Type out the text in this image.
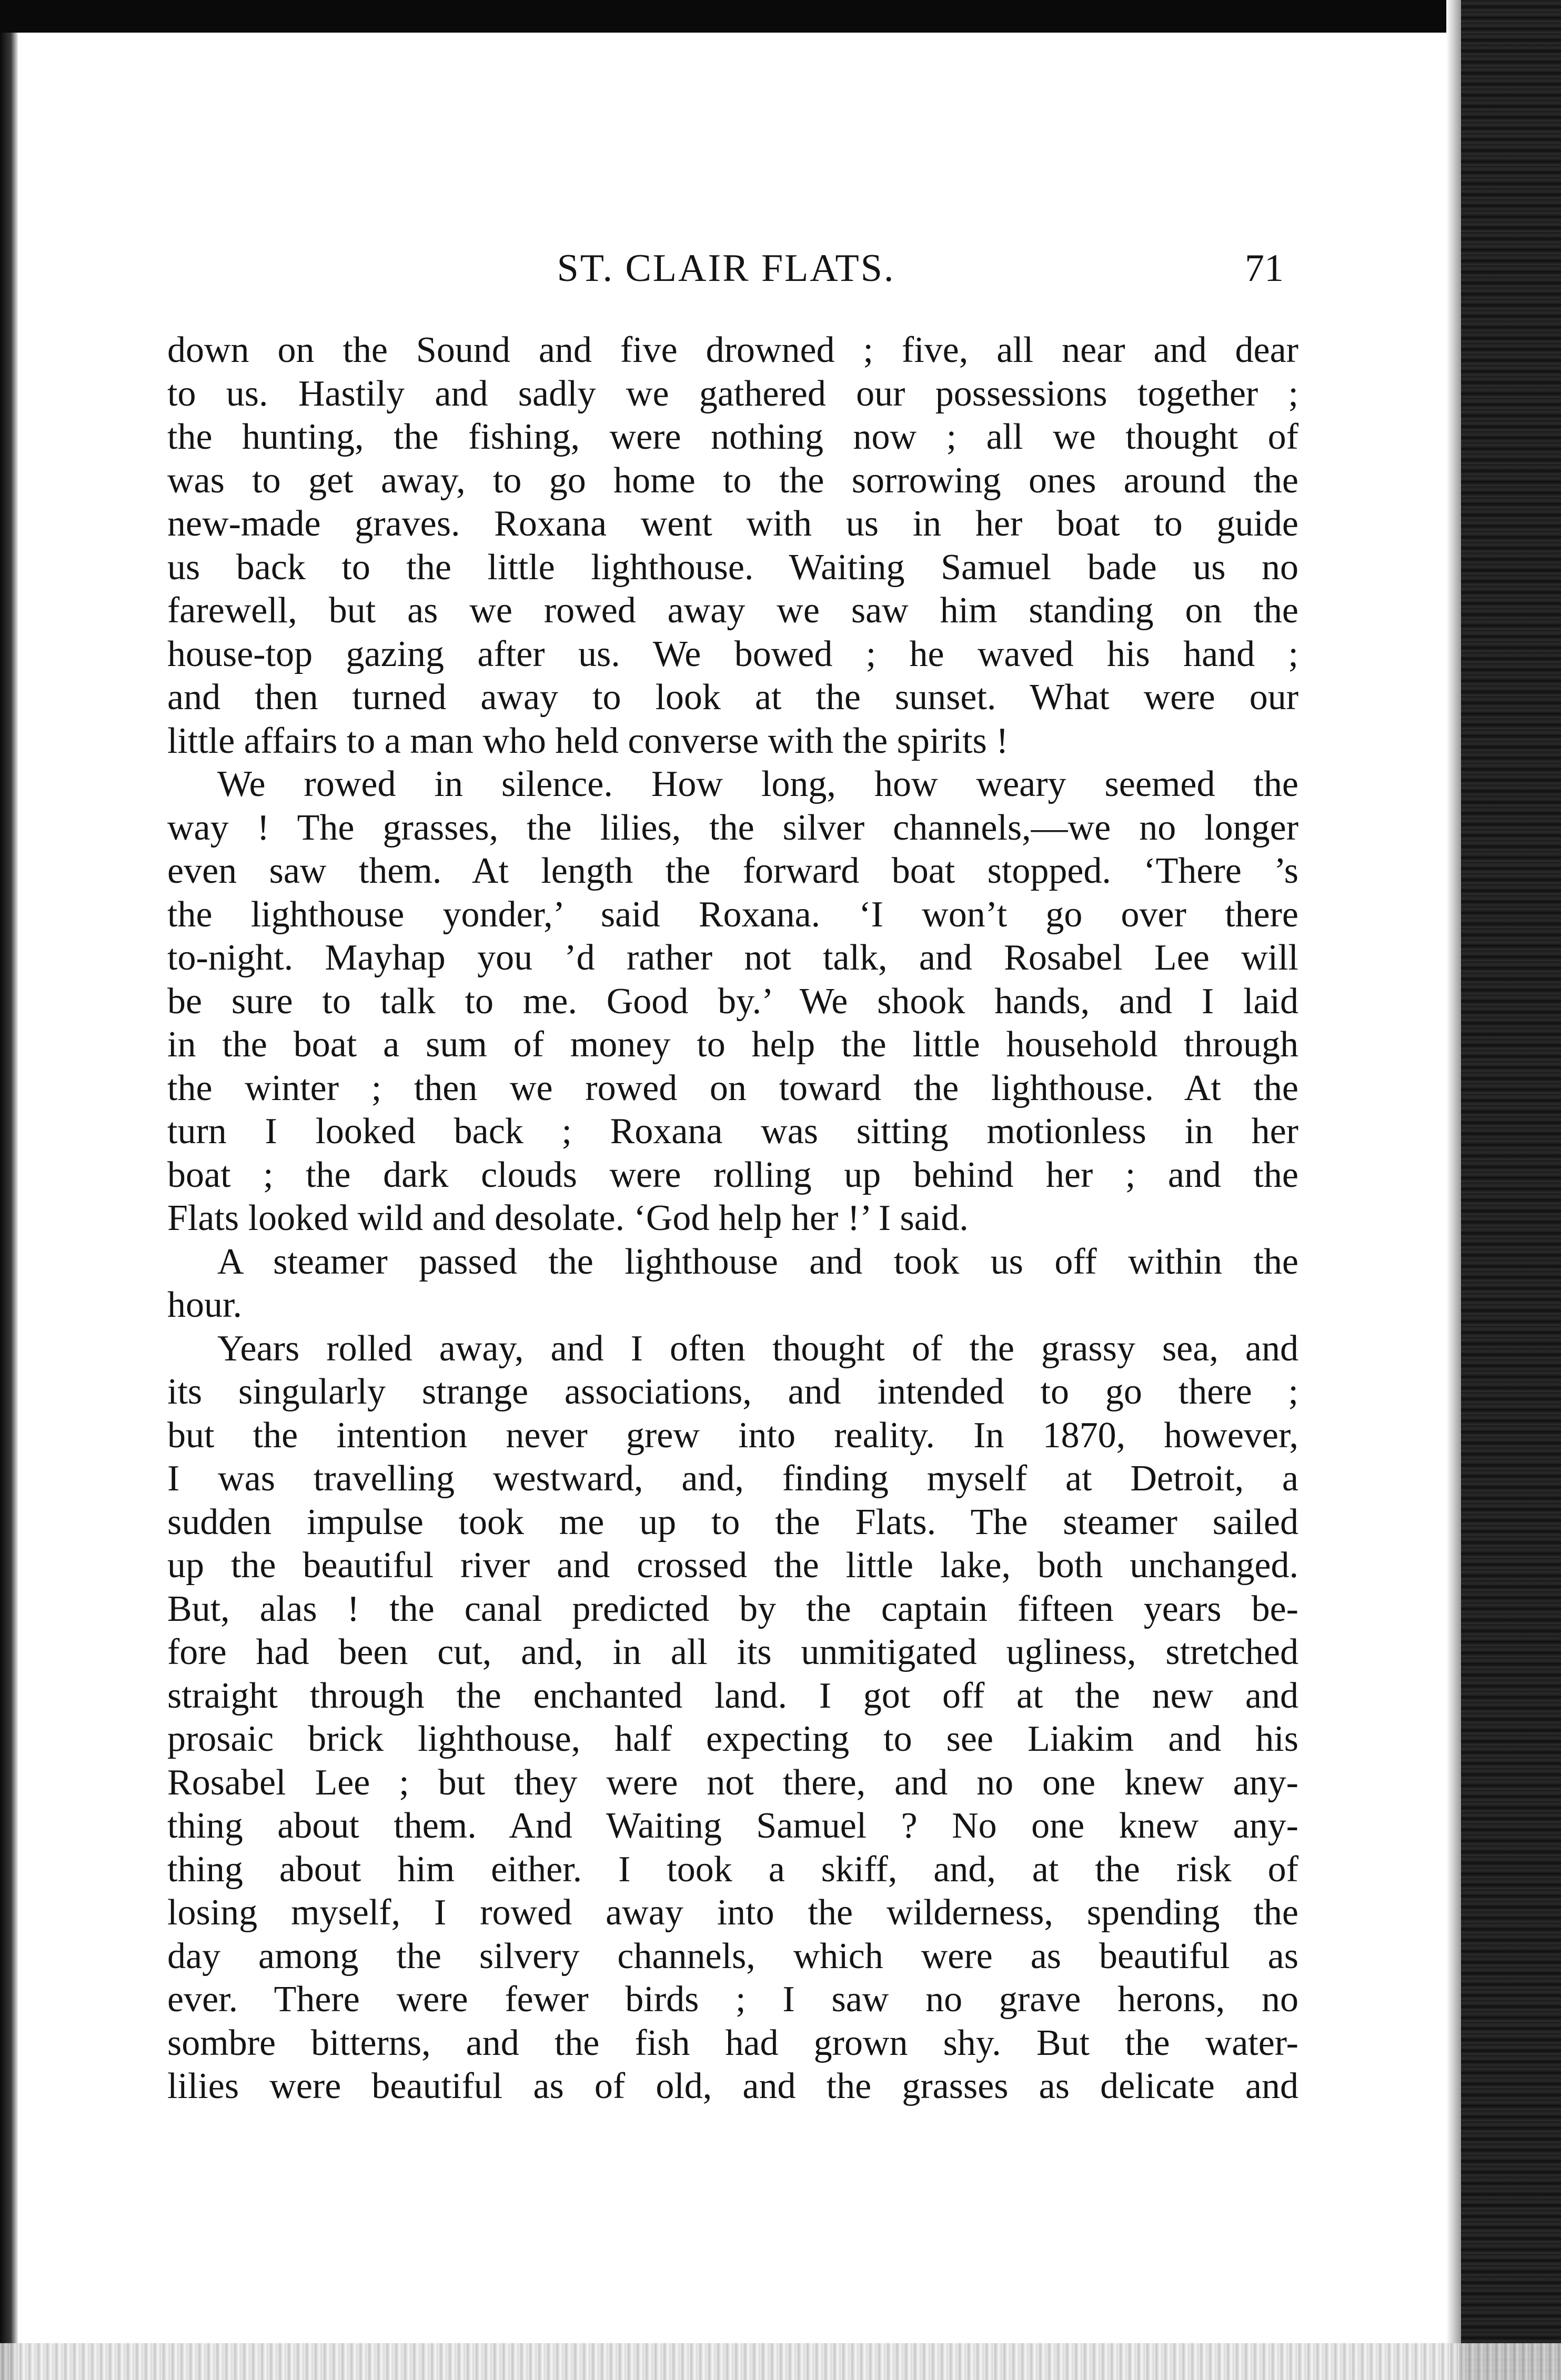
ST. CLAIR FLATS.	71
down on the Sound and five drowned ; five, all near and dear
to us. Hastily and sadly we gathered our possessions together ;
the hunting, the fishing, were nothing now ; all we thought of
was to get away, to go home to the sorrowing ones around the
new-made graves. Roxana went with us in her boat to guide
us back to the little lighthouse. Waiting Samuel bade us no
farewell, but as we rowed away we saw him standing on the
house-top gazing after us. We bowed ; he waved his hand ;
and then turned away to look at the sunset. What were our
little affairs to a man who held converse with the spirits !
We rowed in silence. How long, how weary seemed the
way ! The grasses, the lilies, the silver channels,—we no longer
even saw them. At length the forward boat stopped. ‘There ’s
the lighthouse yonder,’ said Roxana. ‘I won’t go over there
to-night. Mayhap you ’d rather not talk, and Rosabel Lee will
be sure to talk to me. Good by.’ We shook hands, and I laid
in the boat a sum of money to help the little household through
the winter ; then we rowed on toward the lighthouse. At the
turn I looked back ; Roxana was sitting motionless in her
boat ; the dark clouds were rolling up behind her ; and the
Flats looked wild and desolate. ‘God help her !’ I said.
A steamer passed the lighthouse and took us off within the
hour.
Years rolled away, and I often thought of the grassy sea, and
its singularly strange associations, and intended to go there ;
but the intention never grew into reality. In 1870, however,
I was travelling westward, and, finding myself at Detroit, a
sudden impulse took me up to the Flats. The steamer sailed
up the beautiful river and crossed the little lake, both unchanged.
But, alas ! the canal predicted by the captain fifteen years be-
fore had been cut, and, in all its unmitigated ugliness, stretched
straight through the enchanted land. I got off at the new and
prosaic brick lighthouse, half expecting to see Liakim and his
Rosabel Lee ; but they were not there, and no one knew any-
thing about them. And Waiting Samuel ? No one knew any-
thing about him either. I took a skiff, and, at the risk of
losing myself, I rowed away into the wilderness, spending the
day among the silvery channels, which were as beautiful as
ever. There were fewer birds ; I saw no grave herons, no
sombre bitterns, and the fish had grown shy. But the water-
lilies were beautiful as of old, and the grasses as delicate and
